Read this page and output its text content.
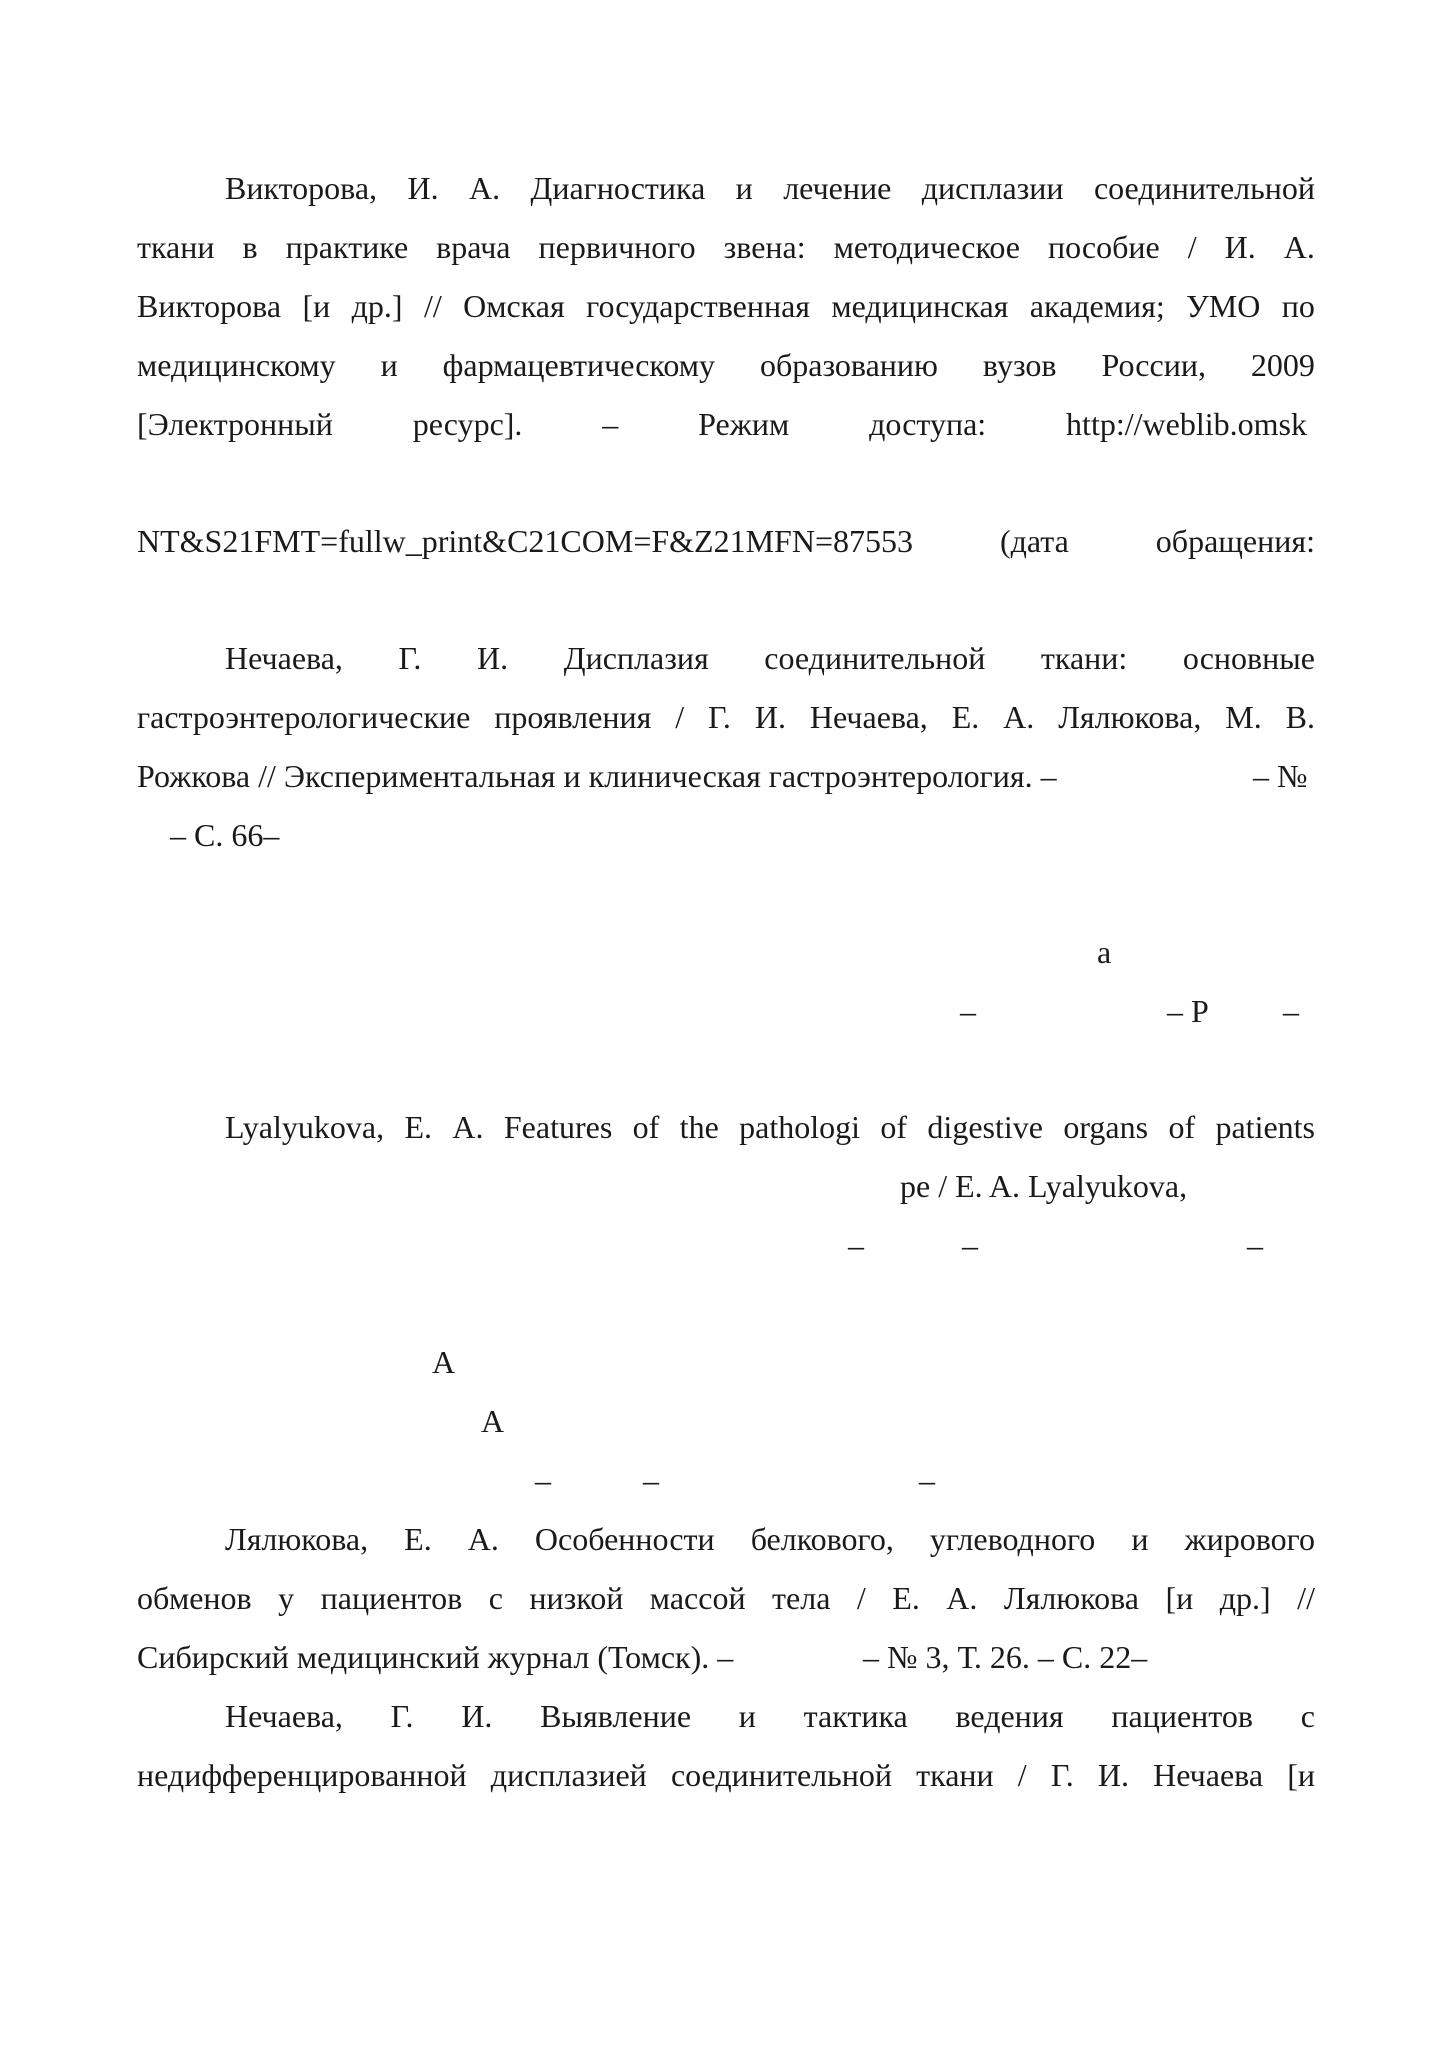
Викторова, И. А. Диагностика и лечение дисплазии соединительной
ткани в практике врача первичного звена: методическое пособие / И. А.
Викторова [и др.] // Омская государственная медицинская академия; УМО по
медицинскому и фармацевтическому образованию вузов России, 2009
[Электронный ресурс]. – Режим доступа: http://weblib.omsk
NT&S21FMT=fullw_print&C21COM=F&Z21MFN=87553	(дата	обращения:
Нечаева, Г. И. Дисплазия соединительной ткани: основные
гастроэнтерологические проявления / Г. И. Нечаева, Е. А. Лялюкова, М. В.
Рожкова // Экспериментальная и клиническая гастроэнтерология. –	– №
– С. 66–
а
–	– Р –
Lyalyukova, E. A. Features of the pathologi of digestive organs of patients
pe / E. A. Lyalyukova,
–	–	–
А
А
–	–	–
Лялюкова, Е. А. Особенности белкового, углеводного и жирового
обменов у пациентов с низкой массой тела / Е. А. Лялюкова [и др.] //
Сибирский медицинский журнал (Томск). –	– № 3, Т. 26. – С. 22–
Нечаева, Г. И. Выявление и тактика ведения пациентов с
недифференцированной дисплазией соединительной ткани / Г. И. Нечаева [и
